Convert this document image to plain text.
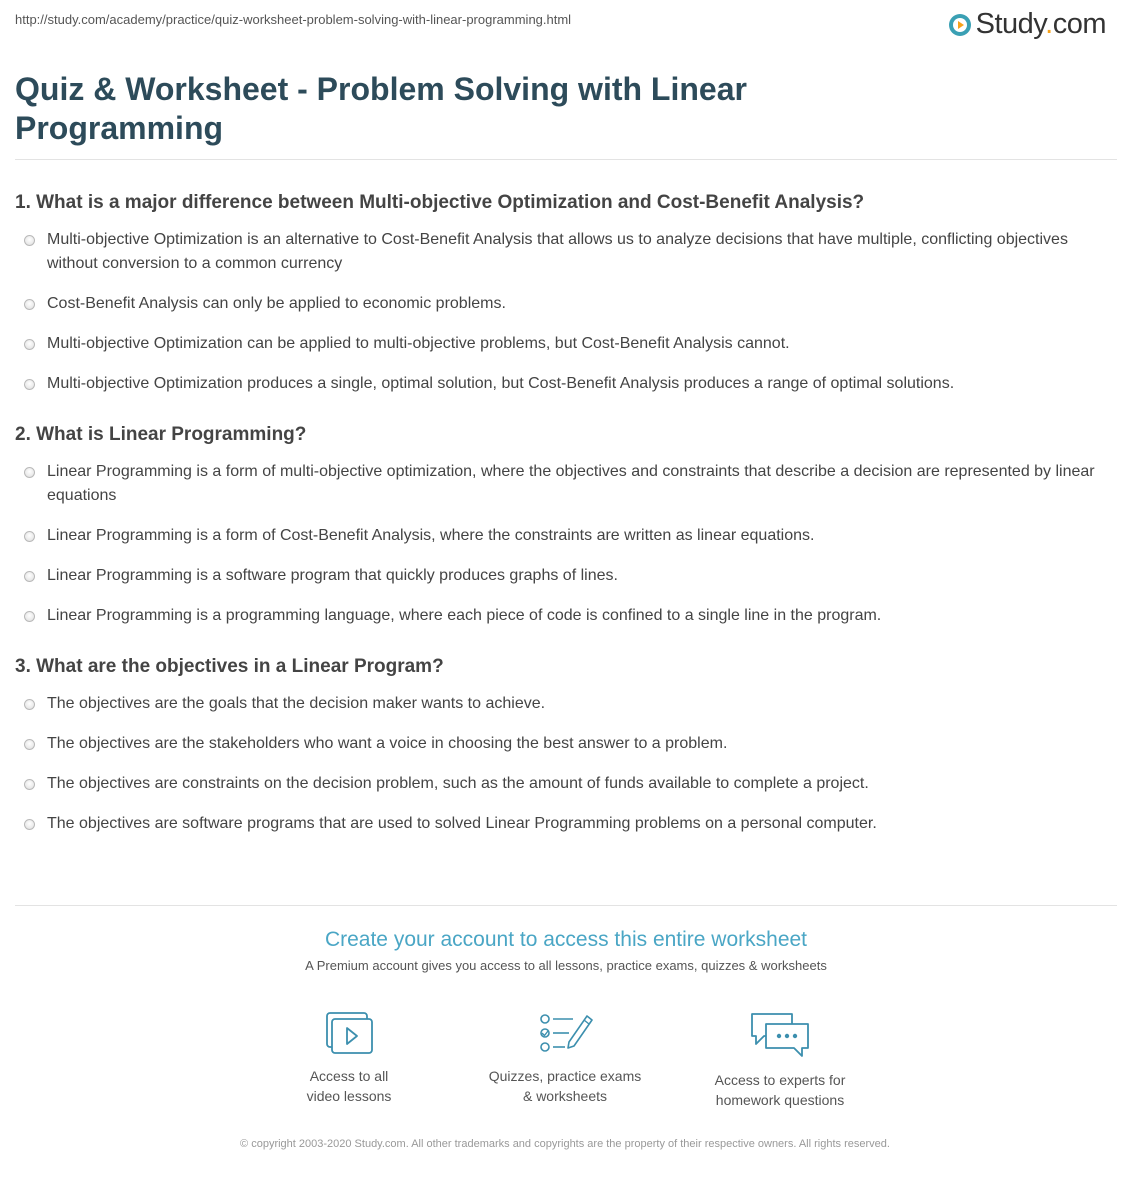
http://study.com/academy/practice/quiz-worksheet-problem-solving-with-linear-programming.html	Study.com
Quiz & Worksheet - Problem Solving with Linear
Programming
1. What is a major difference between Multi-objective Optimization and Cost-Benefit Analysis?
Multi-objective Optimization is an alternative to Cost-Benefit Analysis that allows us to analyze decisions that have multiple, conflicting objectives without conversion to a common currency
Cost-Benefit Analysis can only be applied to economic problems.
Multi-objective Optimization can be applied to multi-objective problems, but Cost-Benefit Analysis cannot.
Multi-objective Optimization produces a single, optimal solution, but Cost-Benefit Analysis produces a range of optimal solutions.
2. What is Linear Programming?
Linear Programming is a form of multi-objective optimization, where the objectives and constraints that describe a decision are represented by linear equations
Linear Programming is a form of Cost-Benefit Analysis, where the constraints are written as linear equations.
Linear Programming is a software program that quickly produces graphs of lines.
Linear Programming is a programming language, where each piece of code is confined to a single line in the program.
3. What are the objectives in a Linear Program?
The objectives are the goals that the decision maker wants to achieve.
The objectives are the stakeholders who want a voice in choosing the best answer to a problem.
The objectives are constraints on the decision problem, such as the amount of funds available to complete a project.
The objectives are software programs that are used to solved Linear Programming problems on a personal computer.
Create your account to access this entire worksheet
A Premium account gives you access to all lessons, practice exams, quizzes & worksheets
Access to all
video lessons
Quizzes, practice exams
& worksheets
Access to experts for
homework questions
© copyright 2003-2020 Study.com. All other trademarks and copyrights are the property of their respective owners. All rights reserved.
